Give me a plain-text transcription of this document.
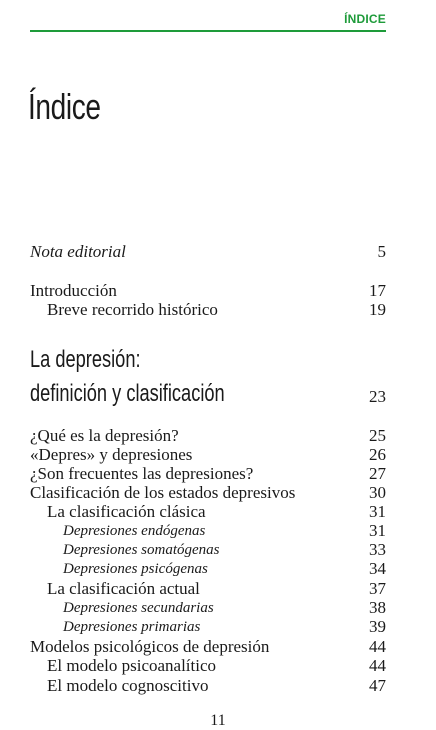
ÍNDICE
Índice
Nota editorial	5
Introducción	17
Breve recorrido histórico	19
La depresión:
definición y clasificación	23
¿Qué es la depresión?	25
«Depres» y depresiones	26
¿Son frecuentes las depresiones?	27
Clasificación de los estados depresivos	30
La clasificación clásica	31
Depresiones endógenas	31
Depresiones somatógenas	33
Depresiones psicógenas	34
La clasificación actual	37
Depresiones secundarias	38
Depresiones primarias	39
Modelos psicológicos de depresión	44
El modelo psicoanalítico	44
El modelo cognoscitivo	47
11
